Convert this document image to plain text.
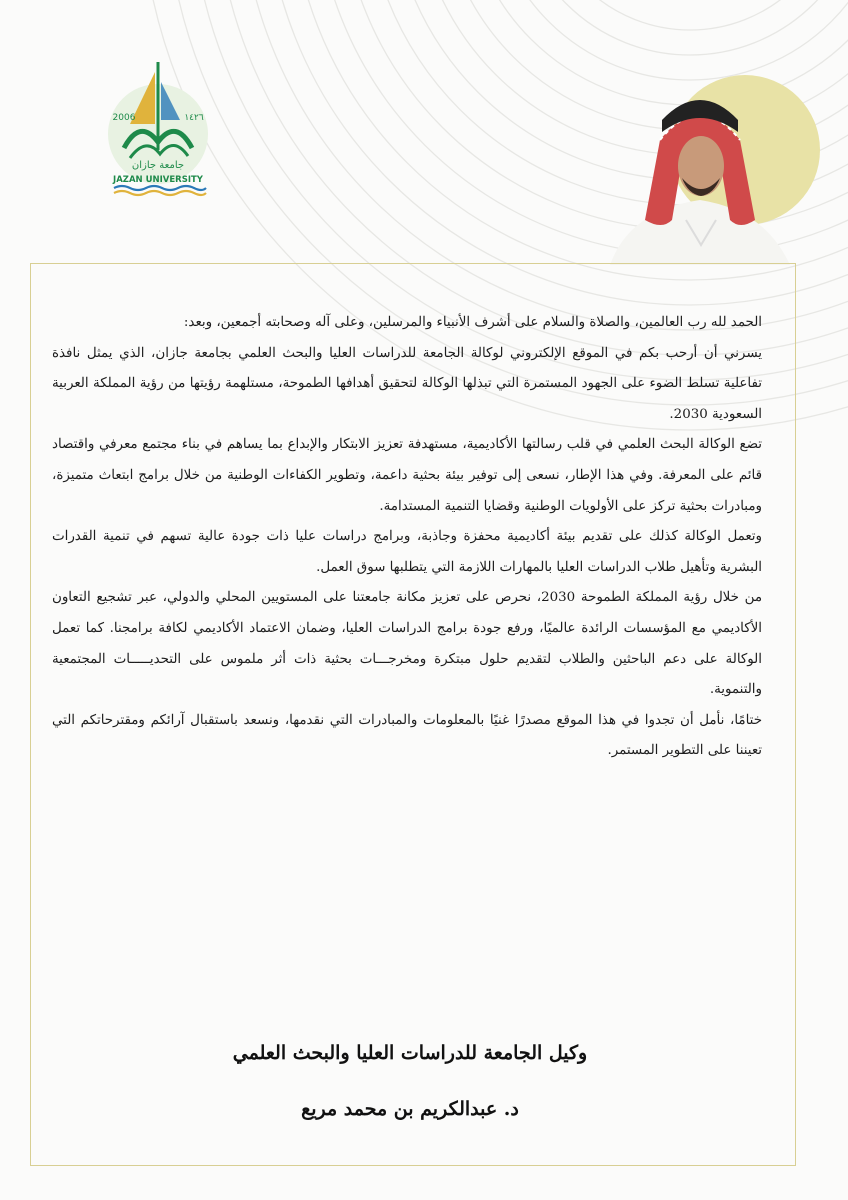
١٤٢٦
2006
جامعة جازان
JAZAN UNIVERSITY

الحمد لله رب العالمين، والصلاة والسلام على أشرف الأنبياء والمرسلين، وعلى آله وصحابته أجمعين، وبعد:

يسرني أن أرحب بكم في الموقع الإلكتروني لوكالة الجامعة للدراسات العليا والبحث العلمي بجامعة جازان، الذي يمثل نافذة تفاعلية تسلط الضوء على الجهود المستمرة التي تبذلها الوكالة لتحقيق أهدافها الطموحة، مستلهمة رؤيتها من رؤية المملكة العربية السعودية 2030.

تضع الوكالة البحث العلمي في قلب رسالتها الأكاديمية، مستهدفة تعزيز الابتكار والإبداع بما يساهم في بناء مجتمع معرفي واقتصاد قائم على المعرفة. وفي هذا الإطار، نسعى إلى توفير بيئة بحثية داعمة، وتطوير الكفاءات الوطنية من خلال برامج ابتعاث متميزة، ومبادرات بحثية تركز على الأولويات الوطنية وقضايا التنمية المستدامة.

وتعمل الوكالة كذلك على تقديم بيئة أكاديمية محفزة وجاذبة، وبرامج دراسات عليا ذات جودة عالية تسهم في تنمية القدرات البشرية وتأهيل طلاب الدراسات العليا بالمهارات اللازمة التي يتطلبها سوق العمل.

من خلال رؤية المملكة الطموحة 2030، نحرص على تعزيز مكانة جامعتنا على المستويين المحلي والدولي، عبر تشجيع التعاون الأكاديمي مع المؤسسات الرائدة عالميًا، ورفع جودة برامج الدراسات العليا، وضمان الاعتماد الأكاديمي لكافة برامجنا. كما تعمل الوكالة على دعم الباحثين والطلاب لتقديم حلول مبتكرة ومخرجـــات بحثية ذات أثر ملموس على التحديـــــات المجتمعية والتنموية.

ختامًا، نأمل أن تجدوا في هذا الموقع مصدرًا غنيًا بالمعلومات والمبادرات التي نقدمها، ونسعد باستقبال آرائكم ومقترحاتكم التي تعيننا على التطوير المستمر.

وكيل الجامعة للدراسات العليا والبحث العلمي
د. عبدالكريم بن محمد مريع
